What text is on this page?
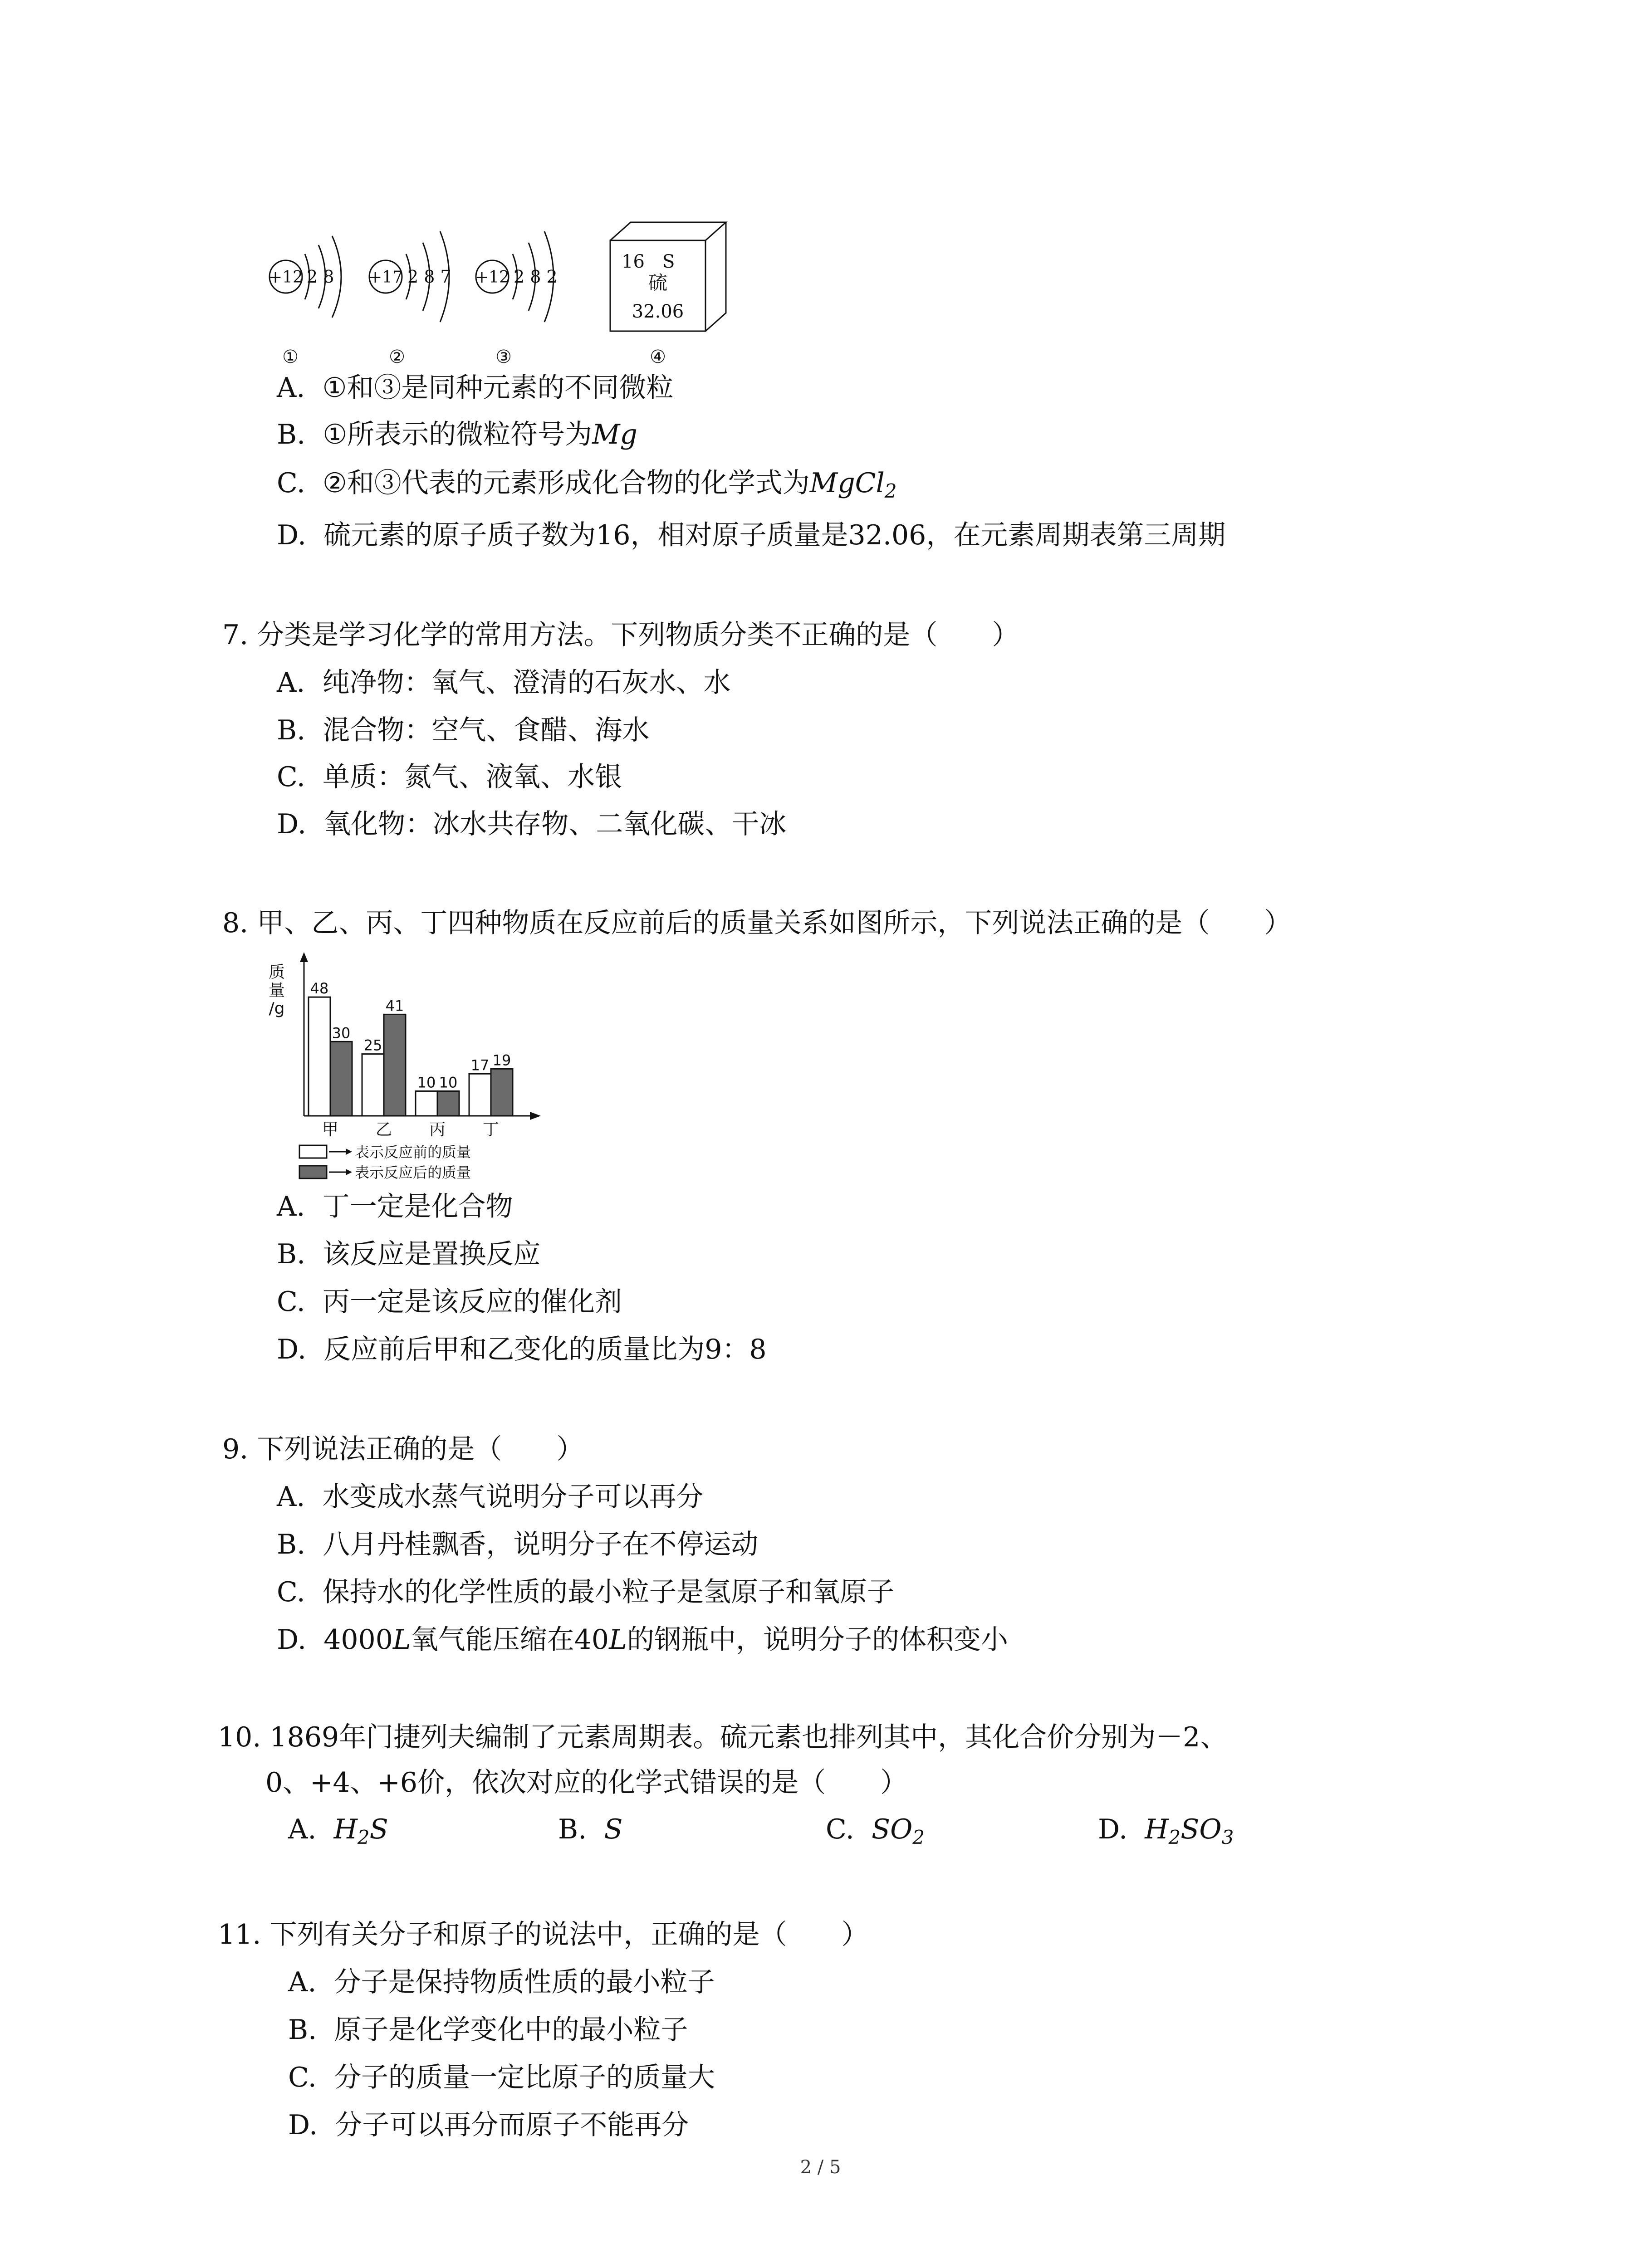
+12 2 8
①
+17 2 8 7
②
+12 2 8 2
③
16 S
硫
32.06
④
A. ①和③是同种元素的不同微粒
B. ①所表示的微粒符号为Mg
C. ②和③代表的元素形成化合物的化学式为MgCl$_2$
D. 硫元素的原子质子数为16，相对原子质量是32.06，在元素周期表第三周期
7. 分类是学习化学的常用方法。下列物质分类不正确的是（　　）
A. 纯净物：氧气、澄清的石灰水、水
B. 混合物：空气、食醋、海水
C. 单质：氮气、液氧、水银
D. 氧化物：冰水共存物、二氧化碳、干冰
8. 甲、乙、丙、丁四种物质在反应前后的质量关系如图所示，下列说法正确的是（　　）
质
量
/g
48
30
甲
25
41
乙
10 10
丙
17 19
丁
表示反应前的质量
表示反应后的质量
A. 丁一定是化合物
B. 该反应是置换反应
C. 丙一定是该反应的催化剂
D. 反应前后甲和乙变化的质量比为9：8
9. 下列说法正确的是（　　）
A. 水变成水蒸气说明分子可以再分
B. 八月丹桂飘香，说明分子在不停运动
C. 保持水的化学性质的最小粒子是氢原子和氧原子
D. 4000L氧气能压缩在40L的钢瓶中，说明分子的体积变小
10. 1869年门捷列夫编制了元素周期表。硫元素也排列其中，其化合价分别为－2、
0、+4、+6价，依次对应的化学式错误的是（　　）
A. $H_2S$	B. S	C. $SO_2$	D. $H_2SO_3$
11. 下列有关分子和原子的说法中，正确的是（　　）
A. 分子是保持物质性质的最小粒子
B. 原子是化学变化中的最小粒子
C. 分子的质量一定比原子的质量大
D. 分子可以再分而原子不能再分
2 / 5
